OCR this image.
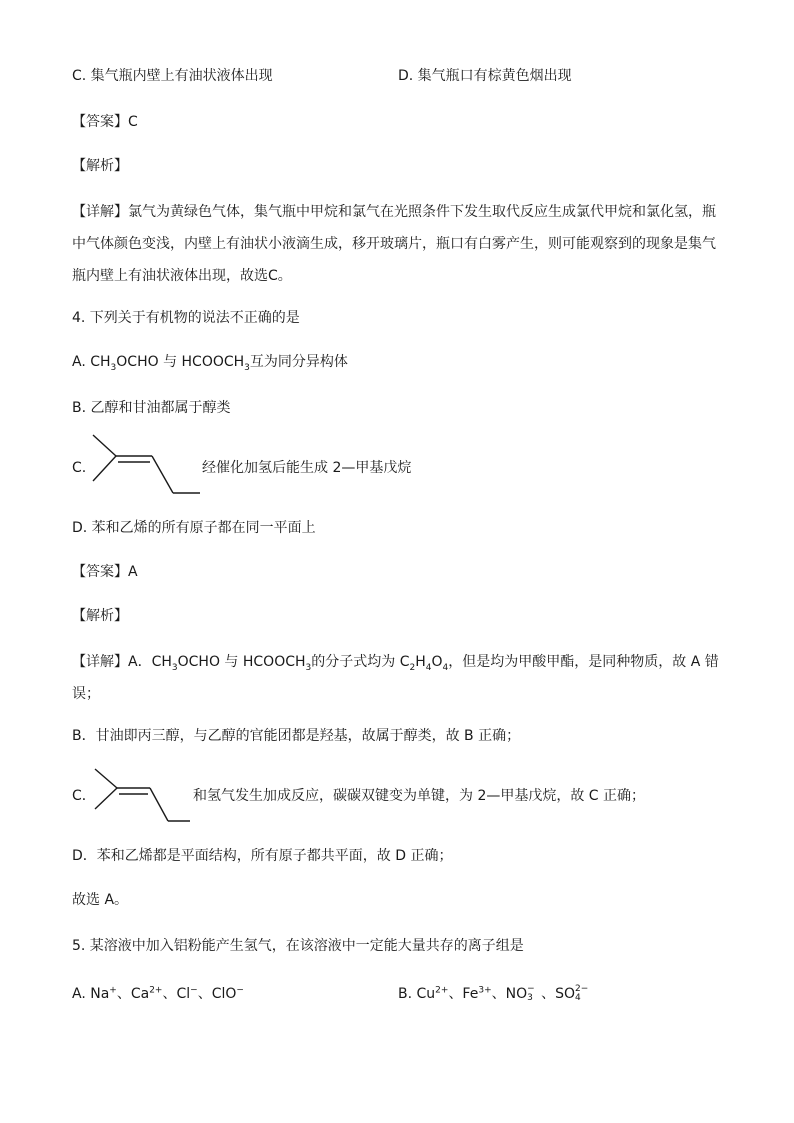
C. 集气瓶内壁上有油状液体出现	D. 集气瓶口有棕黄色烟出现
【答案】C
【解析】
【详解】氯气为黄绿色气体，集气瓶中甲烷和氯气在光照条件下发生取代反应生成氯代甲烷和氯化氢，瓶中气体颜色变浅，内壁上有油状小液滴生成，移开玻璃片，瓶口有白雾产生，则可能观察到的现象是集气瓶内壁上有油状液体出现，故选C。
4. 下列关于有机物的说法不正确的是
A. $CH_3OCHO$ 与 $HCOOCH_3$互为同分异构体
B. 乙醇和甘油都属于醇类
C.	经催化加氢后能生成 2—甲基戊烷
D. 苯和乙烯的所有原子都在同一平面上
【答案】A
【解析】
【详解】A．$CH_3OCHO$ 与 $HCOOCH_3$的分子式均为 $C_2H_4O_4$，但是均为甲酸甲酯，是同种物质，故 A 错
误；
B．甘油即丙三醇，与乙醇的官能团都是羟基，故属于醇类，故 B 正确；
C．	和氢气发生加成反应，碳碳双键变为单键，为 2—甲基戊烷，故 C 正确；
D．苯和乙烯都是平面结构，所有原子都共平面，故 D 正确；
故选 A。
5. 某溶液中加入铝粉能产生氢气，在该溶液中一定能大量共存的离子组是
A. Na+、$Ca^{2+}$、Cl−、ClO−	B. $Cu^{2+}$、$Fe^{3+}$、NO −
3 、SO 2−
4
